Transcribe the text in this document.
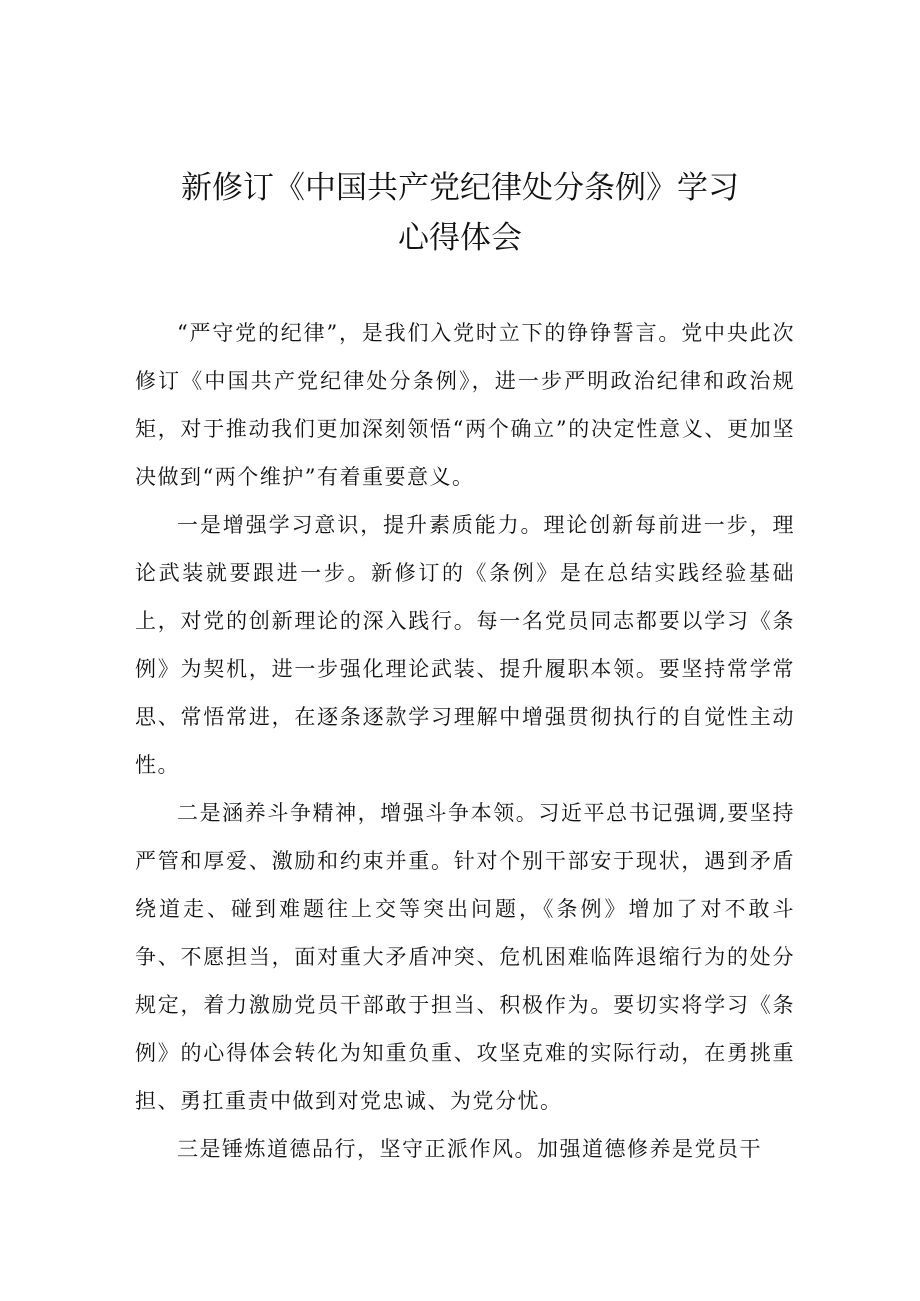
新修订《中国共产党纪律处分条例》学习
心得体会

“严守党的纪律”，是我们入党时立下的铮铮誓言。党中央此次修订《中国共产党纪律处分条例》，进一步严明政治纪律和政治规矩，对于推动我们更加深刻领悟“两个确立”的决定性意义、更加坚决做到“两个维护”有着重要意义。

一是增强学习意识，提升素质能力。理论创新每前进一步，理论武装就要跟进一步。新修订的《条例》是在总结实践经验基础上，对党的创新理论的深入践行。每一名党员同志都要以学习《条例》为契机，进一步强化理论武装、提升履职本领。要坚持常学常思、常悟常进，在逐条逐款学习理解中增强贯彻执行的自觉性主动性。

二是涵养斗争精神，增强斗争本领。习近平总书记强调,要坚持严管和厚爱、激励和约束并重。针对个别干部安于现状，遇到矛盾绕道走、碰到难题往上交等突出问题，《条例》增加了对不敢斗争、不愿担当，面对重大矛盾冲突、危机困难临阵退缩行为的处分规定，着力激励党员干部敢于担当、积极作为。要切实将学习《条例》的心得体会转化为知重负重、攻坚克难的实际行动，在勇挑重担、勇扛重责中做到对党忠诚、为党分忧。

三是锤炼道德品行，坚守正派作风。加强道德修养是党员干
